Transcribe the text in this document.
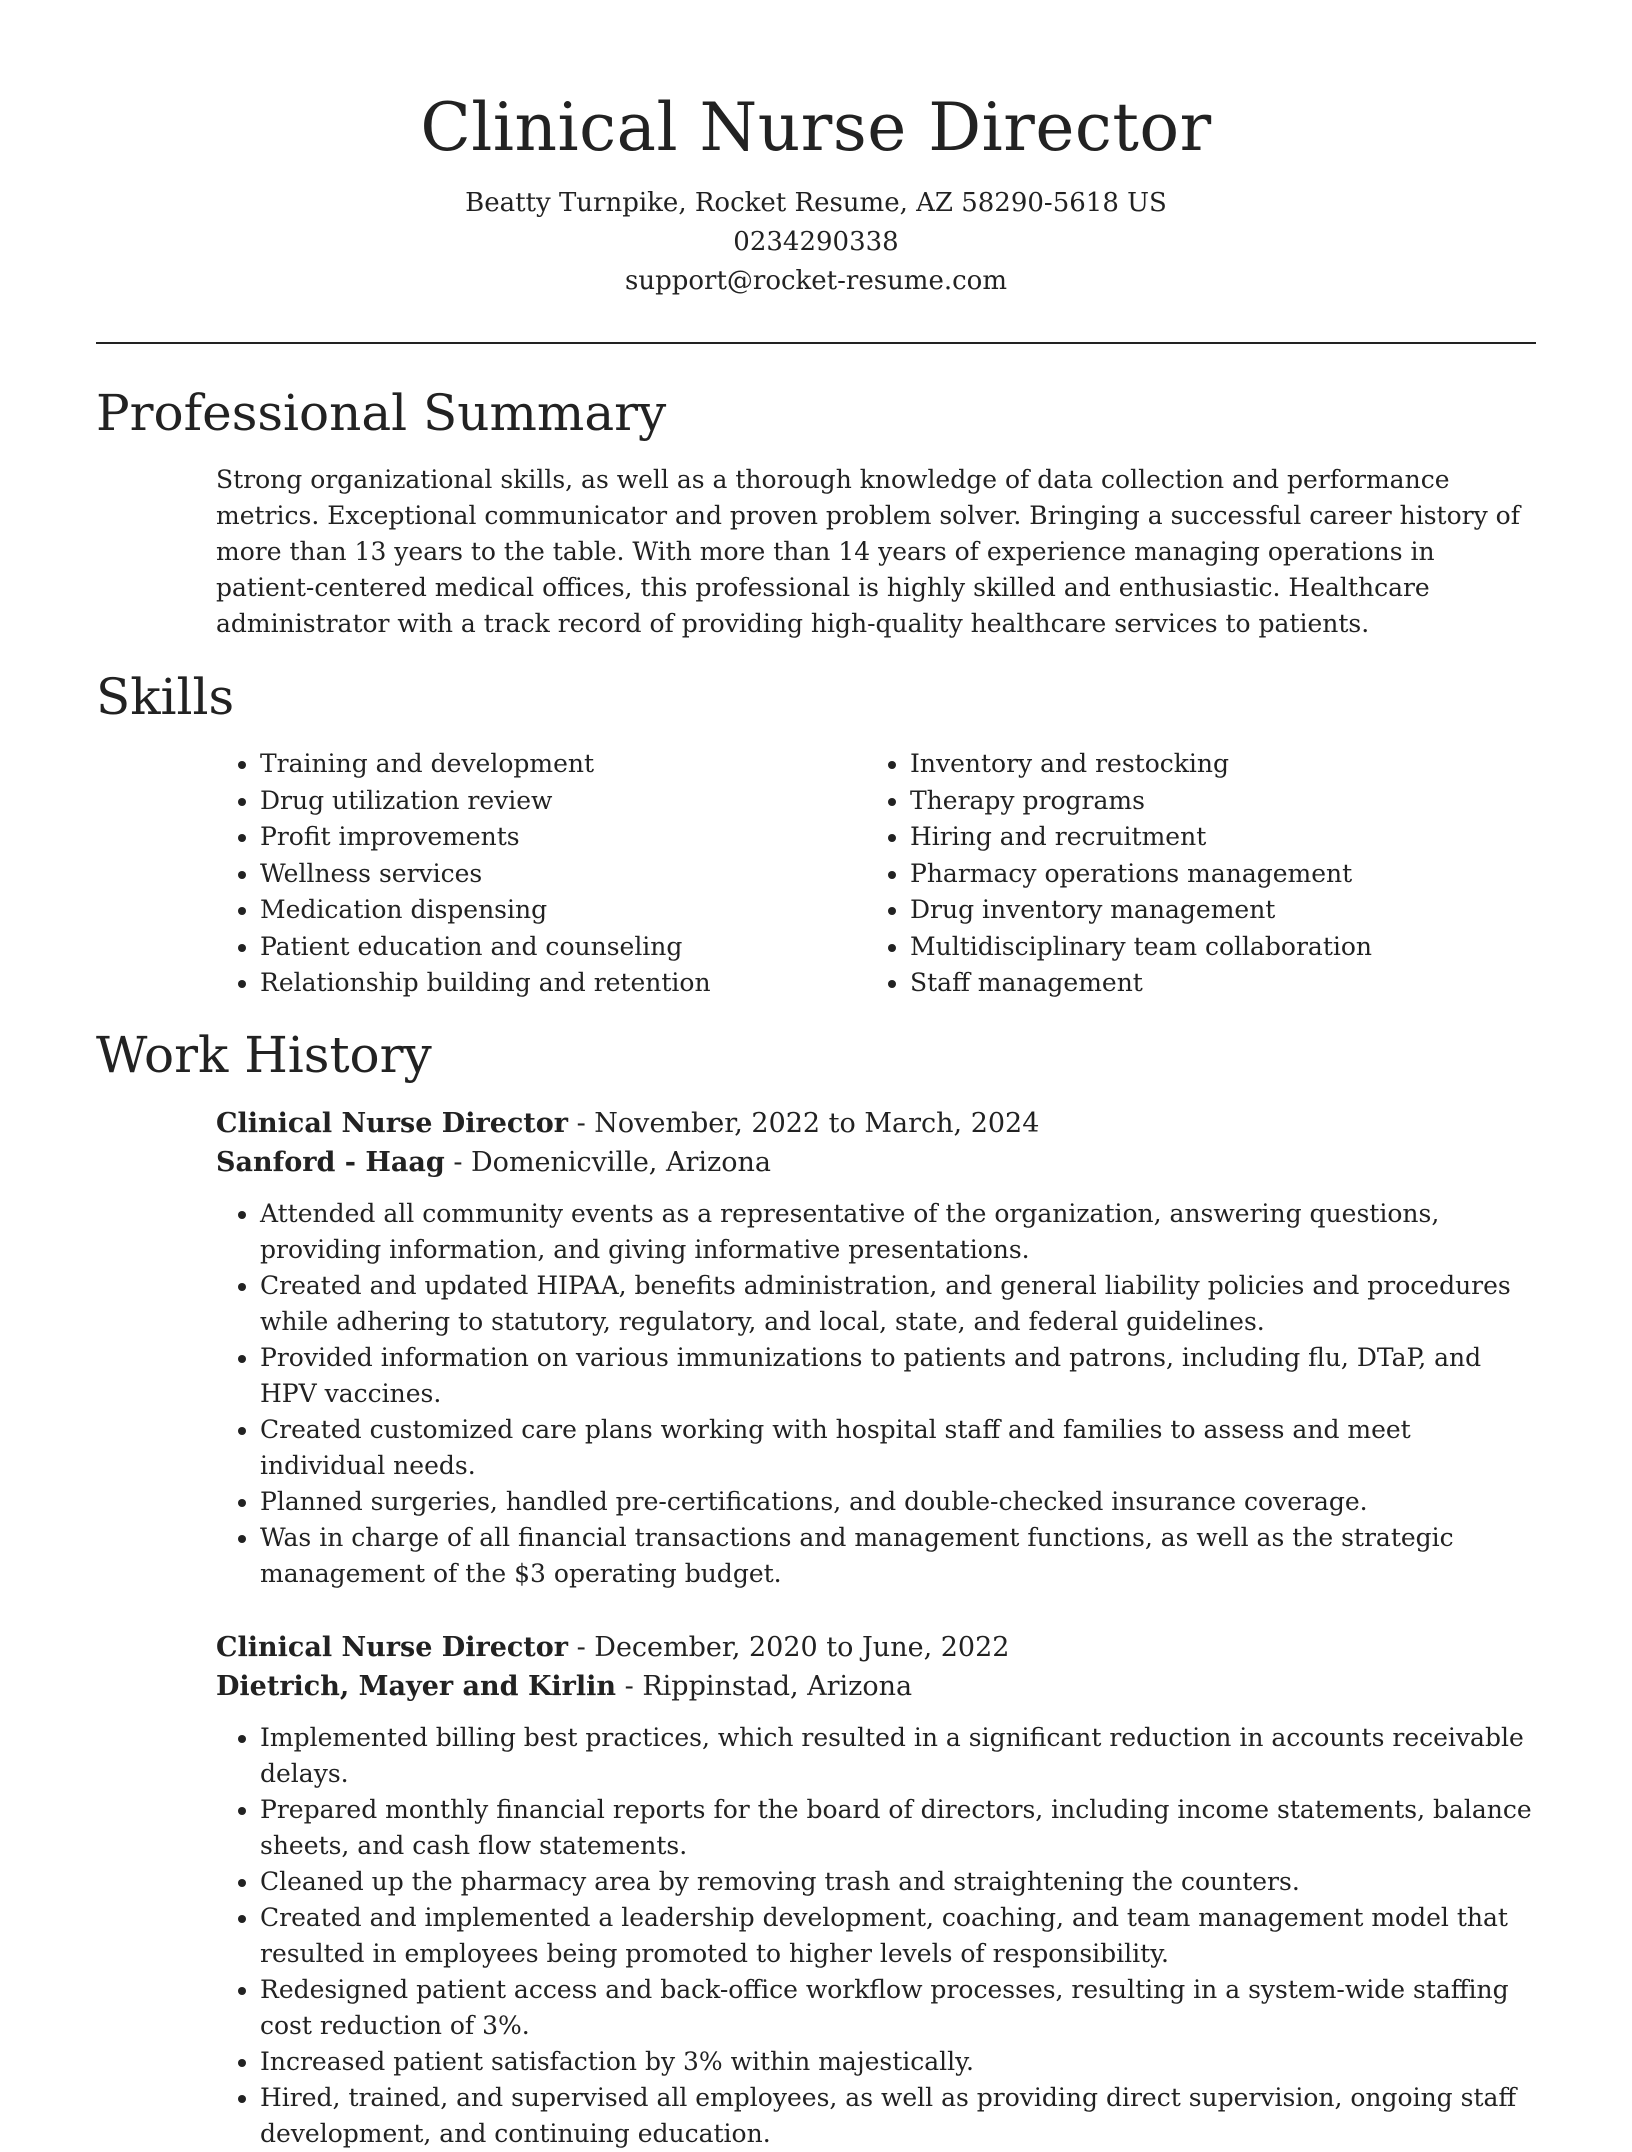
Clinical Nurse Director

Beatty Turnpike, Rocket Resume, AZ 58290-5618 US

0234290338

support@rocket-resume.com

Professional Summary

Strong organizational skills, as well as a thorough knowledge of data collection and performance metrics. Exceptional communicator and proven problem solver. Bringing a successful career history of more than 13 years to the table. With more than 14 years of experience managing operations in patient-centered medical offices, this professional is highly skilled and enthusiastic. Healthcare administrator with a track record of providing high-quality healthcare services to patients.

Skills
• Training and development
• Drug utilization review
• Profit improvements
• Wellness services
• Medication dispensing
• Patient education and counseling
• Relationship building and retention
• Inventory and restocking
• Therapy programs
• Hiring and recruitment
• Pharmacy operations management
• Drug inventory management
• Multidisciplinary team collaboration
• Staff management
Work History

Clinical Nurse Director - November, 2022 to March, 2024

Sanford - Haag - Domenicville, Arizona

• Attended all community events as a representative of the organization, answering questions, providing information, and giving informative presentations.
• Created and updated HIPAA, benefits administration, and general liability policies and procedures while adhering to statutory, regulatory, and local, state, and federal guidelines.
• Provided information on various immunizations to patients and patrons, including flu, DTaP, and HPV vaccines.
• Created customized care plans working with hospital staff and families to assess and meet individual needs.
• Planned surgeries, handled pre-certifications, and double-checked insurance coverage.
• Was in charge of all financial transactions and management functions, as well as the strategic management of the $3 operating budget.

Clinical Nurse Director - December, 2020 to June, 2022

Dietrich, Mayer and Kirlin - Rippinstad, Arizona

• Implemented billing best practices, which resulted in a significant reduction in accounts receivable delays.
• Prepared monthly financial reports for the board of directors, including income statements, balance sheets, and cash flow statements.
• Cleaned up the pharmacy area by removing trash and straightening the counters.
• Created and implemented a leadership development, coaching, and team management model that resulted in employees being promoted to higher levels of responsibility.
• Redesigned patient access and back-office workflow processes, resulting in a system-wide staffing cost reduction of 3%.
• Increased patient satisfaction by 3% within majestically.
• Hired, trained, and supervised all employees, as well as providing direct supervision, ongoing staff development, and continuing education.
